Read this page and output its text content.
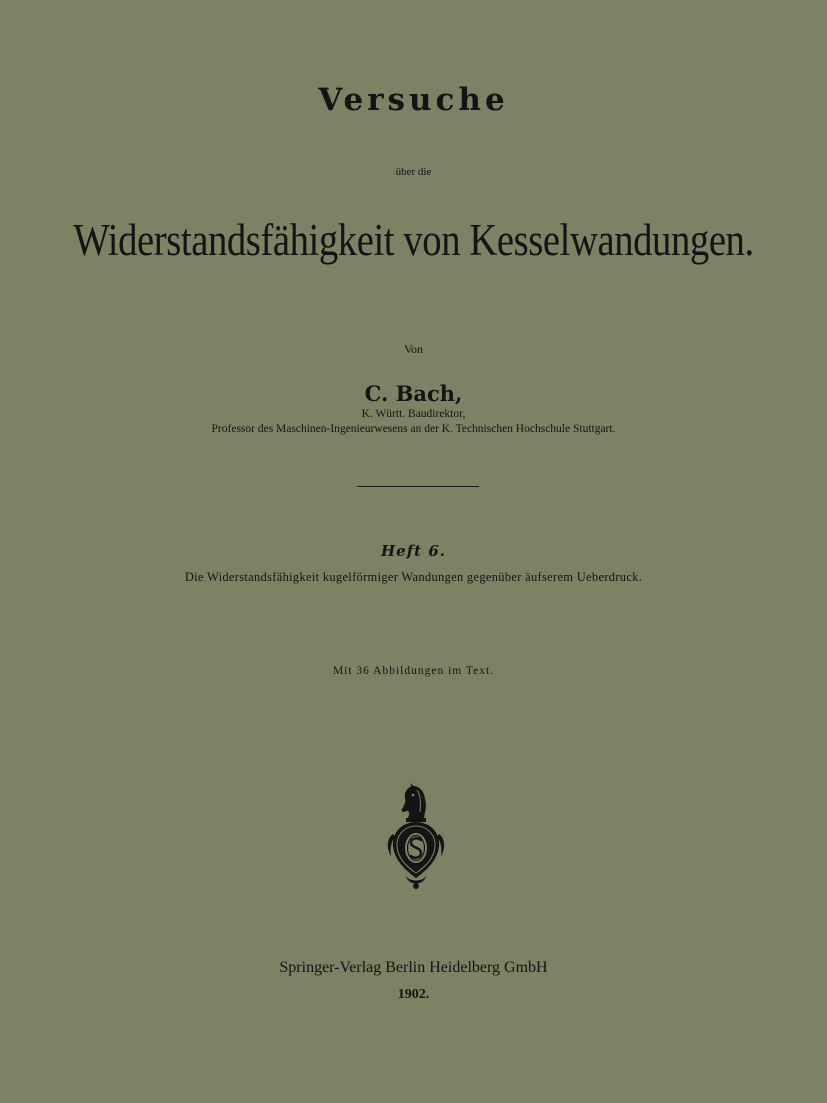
Versuche
über die
Widerstandsfähigkeit von Kesselwandungen.
Von
C. Bach,
K. Württ. Baudirektor,
Professor des Maschinen-Ingenieurwesens an der K. Technischen Hochschule Stuttgart.
Heft 6.
Die Widerstandsfähigkeit kugelförmiger Wandungen gegenüber äufserem Ueberdruck.
Mit 36 Abbildungen im Text.
Springer-Verlag Berlin Heidelberg GmbH
1902.
